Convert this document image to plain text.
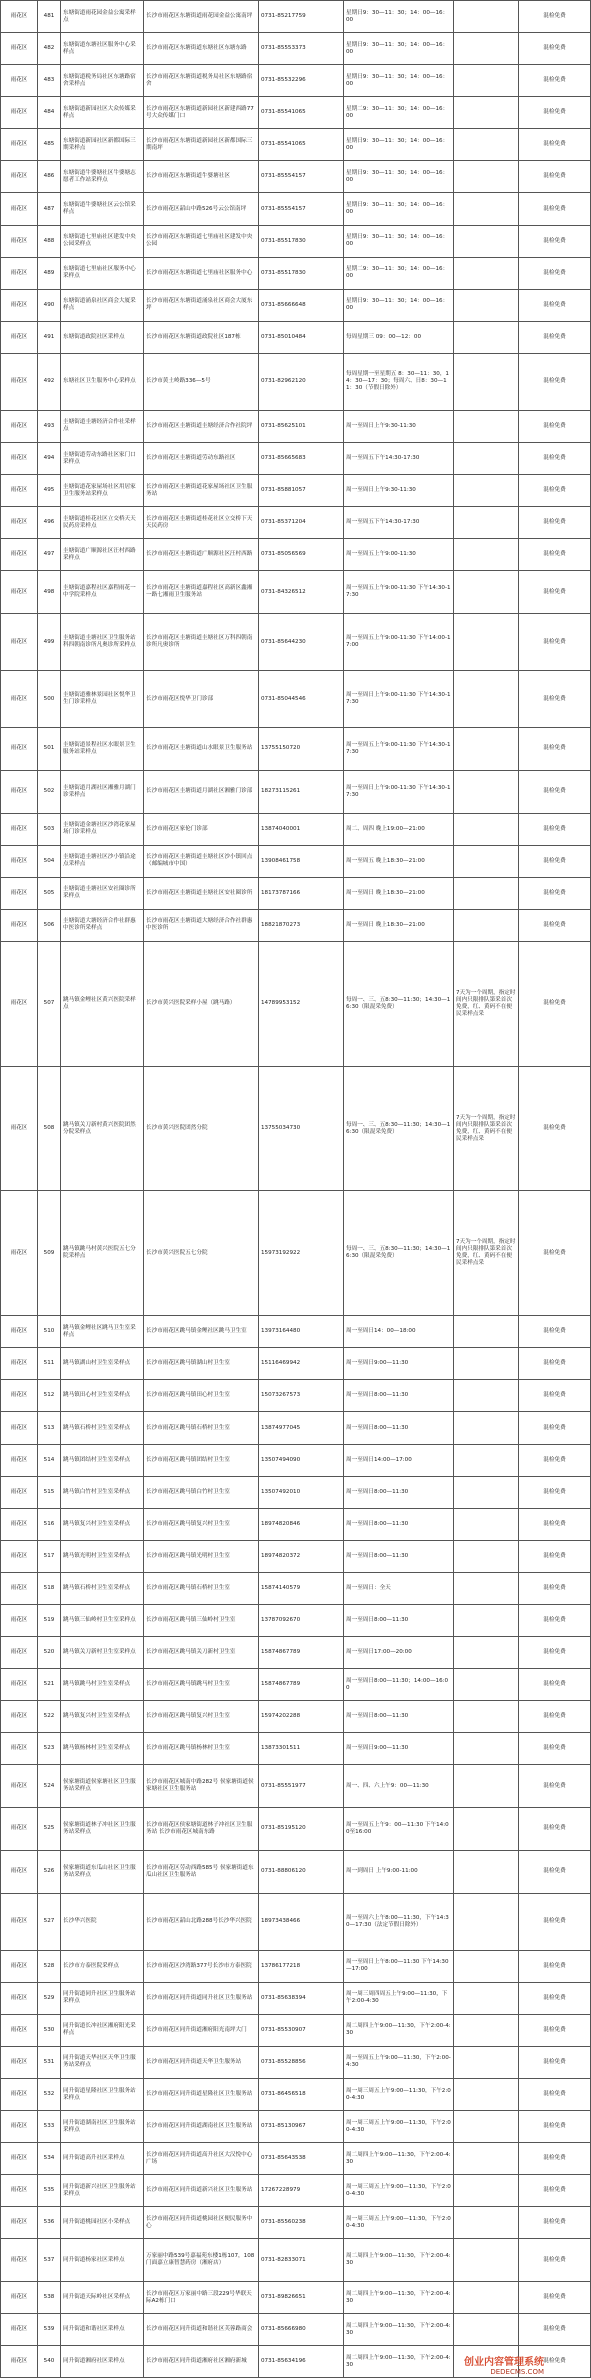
雨花区	481	东塘街道雨花园金益公寓采样点	长沙市雨花区东塘街道雨花园金益公寓南坪	0731-85217759	星期日9：30—11：30；14：00—16：00		混检免费
雨花区	482	东塘街道东塘社区服务中心采样点	长沙市雨花区东塘街道东塘社区东塘东路	0731-85553373	星期日9：30—11：30；14：00—16：00		混检免费
雨花区	483	东塘街道税务局社区东塘路宿舍采样点	长沙市雨花区东塘街道税务局社区东塘路宿舍	0731-85532296	星期日9：30—11：30；14：00—16：00		混检免费
雨花区	484	东塘街道新园社区大众传媒采样点	长沙市雨花区东塘街道新园社区新建西路77号大众传媒门口	0731-85541065	星期二9：30—11：30；14：00—16：00		混检免费
雨花区	485	东塘街道新园社区新都国际三期采样点	长沙市雨花区东塘街道新园社区新都国际三期南坪	0731-85541065	星期日9：30—11：30；14：00—16：00		混检免费
雨花区	486	东塘街道牛婆塘社区牛婆塘志愿者工作站采样点	长沙市雨花区东塘街道牛婆塘社区	0731-85554157	星期日9：30—11：30；14：00—16：00		混检免费
雨花区	487	东塘街道牛婆塘社区云公馆采样点	长沙市雨花区韶山中路526号云公馆南坪	0731-85554157	星期日9：30—11：30；14：00—16：00		混检免费
雨花区	488	东塘街道七里庙社区建发中央公园采样点	长沙市雨花区东塘街道七里庙社区建发中央公园	0731-85517830	星期日9：30—11：30；14：00—16：00		混检免费
雨花区	489	东塘街道七里庙社区服务中心采样点	长沙市雨花区东塘街道七里庙社区服务中心	0731-85517830	星期二9：30—11：30；14：00—16：00		混检免费
雨花区	490	东塘街道涌泉社区商会大厦采样点	长沙市雨花区东塘街道涌泉社区商会大厦东坪	0731-85666648	星期日9：30—11：30；14：00—16：00		混检免费
雨花区	491	东塘街道政院社区采样点	长沙市雨花区东塘街道政院社区187栋	0731-85010484	每周星期三 09：00—12：00		混检免费
雨花区	492	东塘社区卫生服务中心采样点	长沙市黄土岭路336—5号	0731-82962120	每周星期一至星期五 8：30—11：30，14：30—17：30；每周六、日8：30—11：30（节假日除外）		混检免费
雨花区	493	圭塘街道圭塘经济合作社采样点	长沙市雨花区圭塘街道圭塘经济合作社院坪	0731-85625101	周一至周日上午9:30-11:30		混检免费
雨花区	494	圭塘街道劳动东路社区家门口采样点	长沙市雨花区圭塘街道劳动东路社区	0731-85665683	周一至周五下午14:30-17:30		混检免费
雨花区	495	圭塘街道花家屋场社区用居家卫生服务站采样点	长沙市雨花区圭塘街道花家屋场社区卫生服务站	0731-85881057	周一至周日上午9:30-11:30		混检免费
雨花区	496	圭塘街道桂花社区立交桥天天民药房采样点	长沙市雨花区圭塘街道桂花社区立交桥下天天民药房	0731-85371204	周一至周五下午14:30-17:30		混检免费
雨花区	497	圭塘街道广顺源社区汪村西路采样点	长沙市雨花区圭塘街道广顺源社区汪村西路	0731-85056569	周一至周五上午9:00-11:30		混检免费
雨花区	498	圭塘街道嘉程社区嘉程雨花一中学院采样点	长沙市雨花区圭塘街道嘉程社区高新区鑫湘一路七湘雨卫生服务站	0731-84326512	周一至周五上午9:00-11:30 下午14:30-17:30		混检免费
雨花区	499	圭塘街道圭塘社区卫生服务站科四朝南诊所凡奥诊所采样点	长沙市雨花区圭塘街道圭塘社区万科四朝南诊所凡奥诊所	0731-85644230	周一至周五上午9:00-11:30 下午14:00-17:00		混检免费
雨花区	500	圭塘街道雅林景园社区悦华卫生门诊采样点	长沙市雨花区悦华卫门诊部	0731-85044546	周一至周日上午9:00-11:30 下午14:30-17:30		混检免费
雨花区	501	圭塘街道景程社区水眼景卫生服务站采样点	长沙市雨花区圭塘街道山水眼景卫生服务站	13755150720	周一至周五上午9:00-11:30 下午14:30-17:30		混检免费
雨花区	502	圭塘街道月湖社区湘雅月湖门诊采样点	长沙市雨花区圭塘街道月湖社区湘雅门诊部	18273115261	周一至周日上午9:00-11:30 下午14:30-17:30		混检免费
雨花区	503	圭塘街道金塘社区沙湾花家屋场门诊采样点	长沙市雨花区家伦门诊部	13874040001	周二、周四 晚上19:00—21:00		混检免费
雨花区	504	圭塘街道圭塘社区沙小镇沿途点采样点	长沙市雨花区圭塘街道圭塘社区沙小镇回点（邮编城市中国）	13908461758	周一至周五 晚上18:30—21:00		混检免费
雨花区	505	圭塘街道圭塘社区安社圈诊所采样点	长沙市雨花区圭塘街道圭塘社区安社圈诊所	18173787166	周一至周日 晚上18:30—21:00		混检免费
雨花区	506	圭塘街道大塘经济合作社群惠中医诊所采样点	长沙市雨花区圭塘街道大塘经济合作社群惠中医诊所	18821870273	周一至周日 晚上18:30—21:00		混检免费
雨花区	507	跳马镇金鲤社区黄兴医院采样点	长沙市黄兴医院采样小屋（跳马路）	14789953152	每周一、三、五8:30—11:30；14:30—16:30（限混采免费）	7天为一个周期，指定时间内只限排队第采首次免费，红、黄码不在便民采样点采	混检免费
雨花区	508	跳马镇关刀新村黄兴医院团然分院采样点	长沙市黄兴医院团然分院	13755034730	每周一、三、五8:30—11:30；14:30—16:30（限混采免费）	7天为一个周期，指定时间内只限排队第采首次免费，红、黄码不在便民采样点采	混检免费
雨花区	509	跳马镇跳马村黄兴医院五七分院采样点	长沙市黄兴医院五七分院	15973192922	每周一、三、五8:30—11:30；14:30—16:30（限混采免费）	7天为一个周期，指定时间内只限排队第采首次免费，红、黄码不在便民采样点采	混检免费
雨花区	510	跳马镇金鲤社区跳马卫生室采样点	长沙市雨花区跳马镇金鲤社区跳马卫生室	13973164480	周一至周日14：00—18:00		混检免费
雨花区	511	跳马镇湖山村卫生室采样点	长沙市雨花区跳马镇湖山村卫生室	15116469942	周一至周日9:00—11:30		混检免费
雨花区	512	跳马镇田心村卫生室采样点	长沙市雨花区跳马镇田心村卫生室	15073267573	周一至周日8:00—11:30		混检免费
雨花区	513	跳马镇石桥村卫生室采样点	长沙市雨花区跳马镇石桥村卫生室	13874977045	周一至周日8:00—11:30		混检免费
雨花区	514	跳马镇团结村卫生室采样点	长沙市雨花区跳马镇团结村卫生室	13507494090	周一至周日14:00—17:00		混检免费
雨花区	515	跳马镇白竹村卫生室采样点	长沙市雨花区跳马镇白竹村卫生室	13507492010	周一至周日8:00—11:30		混检免费
雨花区	516	跳马镇复兴村卫生室采样点	长沙市雨花区跳马镇复兴村卫生室	18974820846	周一至周日8:00—11:30		混检免费
雨花区	517	跳马镇光明村卫生室采样点	长沙市雨花区跳马镇光明村卫生室	18974820372	周一至周日8:00—11:30		混检免费
雨花区	518	跳马镇石桥村卫生室采样点	长沙市雨花区跳马镇石桥村卫生室	15874140579	周一至周日：全天		混检免费
雨花区	519	跳马镇三仙岭村卫生室采样点	长沙市雨花区跳马镇三仙岭村卫生室	13787092670	周一至周日8:00—11:30		混检免费
雨花区	520	跳马镇关刀新村卫生室采样点	长沙市雨花区跳马镇关刀新村卫生室	15874867789	周一至周日17:00—20:00		混检免费
雨花区	521	跳马镇跳马村卫生室采样点	长沙市雨花区跳马镇跳马村卫生室	15874867789	周一至周日8:00—11:30；14:00—16:00		混检免费
雨花区	522	跳马镇复兴村卫生室采样点	长沙市雨花区跳马镇复兴村卫生室	15974202288	周一至周日8:00—11:30		混检免费
雨花区	523	跳马镇杨林村卫生室采样点	长沙市雨花区跳马镇杨林村卫生室	13873301511	周一至周日9:00—11:30		混检免费
雨花区	524	侯家塘街道侯家塘社区卫生服务站采样点	长沙市雨花区城南中路282号 侯家塘街道侯家塘社区卫生服务站	0731-85551977	周一、四、六上午9：00—11:30		混检免费
雨花区	525	侯家塘街道林子冲社区卫生服务站采样点	长沙市雨花区侯家塘街道林子冲社区卫生服务站 长沙市雨花区城南东路	0731-85195120	周一至周五上午9：00—11:30 下午14:00至16:00		混检免费
雨花区	526	侯家塘街道东瓜山社区卫生服务站采样点	长沙市雨花区劳动西路585号 侯家塘街道东瓜山社区卫生服务站	0731-88806120	周一到周日 上午9:00-11:00		混检免费
雨花区	527	长沙华兴医院	长沙市雨花区韶山北路288号长沙华兴医院	18973438466	周一至周六上午8:00—11:30，下午14:30—17:30（法定节假日除外）		混检免费
雨花区	528	长沙市方泰医院采样点	长沙市雨花区沙湾路377号长沙市方泰医院	13786177218	周一至周日上午8:00—11:30 下午14:30—17:00		混检免费
雨花区	529	同升街道同升社区卫生服务站采样点	长沙市雨花区同升街道同升社区卫生服务站	0731-85638394	周一周三周四周五上午9:00—11:30，下午2:00-4:30		混检免费
雨花区	530	同升街道长冲社区湘府阳光采样点	长沙市雨花区同升街道湘府阳光南坪大门	0731-85530907	周二周四上午9:00—11:30，下午2:00-4:30		混检免费
雨花区	531	同升街道天华社区天华卫生服务站采样点	长沙市雨花区同升街道天华卫生服务站	0731-85528856	周一至周五上午9:00—11:30，下午2:00-4:30		混检免费
雨花区	532	同升街道星隆社区卫生服务站采样点	长沙市雨花区同升街道星隆社区卫生服务站	0731-86456518	周一周三周五上午9:00—11:30，下午2:00-4:30		混检免费
雨花区	533	同升街道湖南社区卫生服务站采样点	长沙市雨花区同升街道湖南社区卫生服务站	0731-85130967	周一周三周五上午9:00—11:30，下午2:00-4:30		混检免费
雨花区	534	同升街道高升社区采样点	长沙市雨花区同升街道高升社区大汉悦中心广场	0731-85643538	周二周四上午9:00—11:30，下午2:00-4:30		混检免费
雨花区	535	同升街道新兴社区卫生服务站采样点	长沙市雨花区同升街道新兴社区卫生服务站	17267228979	周一周三周五上午9:00—11:30，下午2:00-4:30		混检免费
雨花区	536	同升街道桃园社区小采样点	长沙市雨花区同升街道桃园社区便民服务中心	0731-85560238	周一周三周五上午9:00—11:30，下午2:00-4:30		混检免费
雨花区	537	同升街道杨家社区采样点	万家丽中路539号嘉福苑东楼1栋107，108门面嘉立康智慧药房（湘府店）	0731-82833071	周二周四上午9:00—11:30，下午2:00-4:30		混检免费
雨花区	538	同升街道天际岭社区采样点	长沙市雨花区万家丽中路三段229号华联天际A2栋门口	0731-89826651	周二周四上午9:00—11:30，下午2:00-4:30		混检免费
雨花区	539	同升街道和谐社区采样点	长沙市雨花区同升街道和谐社区芙蓉路商会	0731-85666980	周二周四上午9:00—11:30，下午2:00-4:30		混检免费
雨花区	540	同升街道湘府社区采样点	长沙市雨花区同升街道湘府社区湘府新城	0731-85634196	周二周四上午9:00—11:30，下午2:00-4:30		混检免费
创业内容管理系统
DEDECMS.COM
